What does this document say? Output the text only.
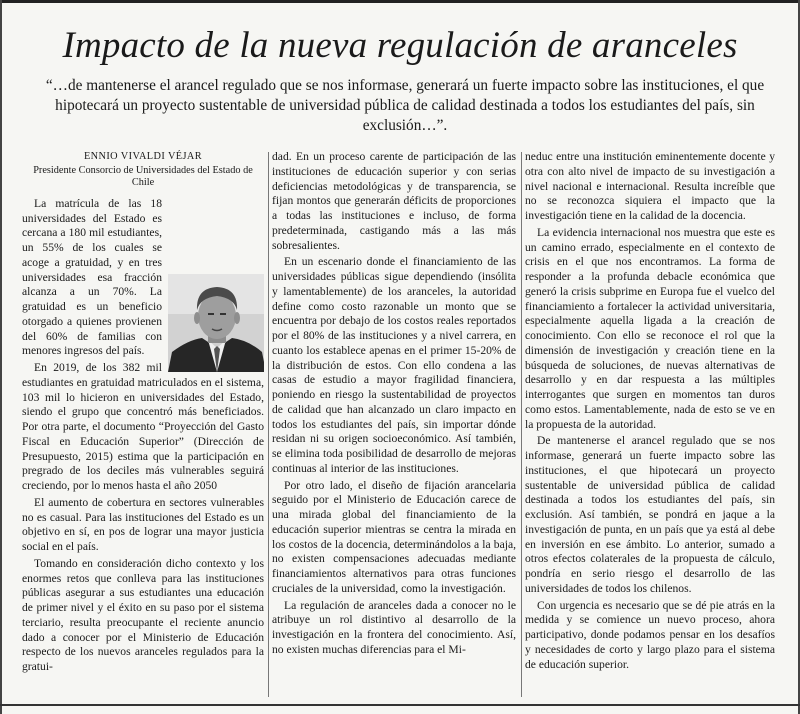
Impacto de la nueva regulación de aranceles

“…de mantenerse el arancel regulado que se nos informase, generará un fuerte impacto sobre las instituciones, el que hipotecará un proyecto sustentable de universidad pública de calidad destinada a todos los estudiantes del país, sin exclusión…”.

ENNIO VIVALDI VÉJAR
Presidente Consorcio de Universidades del Estado de Chile

La matrícula de las 18 universidades del Estado es cercana a 180 mil estudiantes, un 55% de los cuales se acoge a gratuidad, y en tres universidades esa fracción alcanza a un 70%. La gratuidad es un beneficio otorgado a quienes provienen del 60% de familias con menores ingresos del país.

En 2019, de los 382 mil estudiantes en gratuidad matriculados en el sistema, 103 mil lo hicieron en universidades del Estado, siendo el grupo que concentró más beneficiados. Por otra parte, el documento “Proyección del Gasto Fiscal en Educación Superior” (Dirección de Presupuesto, 2015) estima que la participación en pregrado de los deciles más vulnerables seguirá creciendo, por lo menos hasta el año 2050

El aumento de cobertura en sectores vulnerables no es casual. Para las instituciones del Estado es un objetivo en sí, en pos de lograr una mayor justicia social en el país.

Tomando en consideración dicho contexto y los enormes retos que conlleva para las instituciones públicas asegurar a sus estudiantes una educación de primer nivel y el éxito en su paso por el sistema terciario, resulta preocupante el reciente anuncio dado a conocer por el Ministerio de Educación respecto de los nuevos aranceles regulados para la gratui-

dad. En un proceso carente de participación de las instituciones de educación superior y con serias deficiencias metodológicas y de transparencia, se fijan montos que generarán déficits de proporciones a todas las instituciones e incluso, de forma predeterminada, castigando más a las más sobresalientes.

En un escenario donde el financiamiento de las universidades públicas sigue dependiendo (insólita y lamentablemente) de los aranceles, la autoridad define como costo razonable un monto que se encuentra por debajo de los costos reales reportados por el 80% de las instituciones y a nivel carrera, en cuanto los establece apenas en el primer 15-20% de la distribución de estos. Con ello condena a las casas de estudio a mayor fragilidad financiera, poniendo en riesgo la sustentabilidad de proyectos de calidad que han alcanzado un claro impacto en todos los estudiantes del país, sin importar dónde residan ni su origen socioeconómico. Así también, se elimina toda posibilidad de desarrollo de mejoras continuas al interior de las instituciones.

Por otro lado, el diseño de fijación arancelaria seguido por el Ministerio de Educación carece de una mirada global del financiamiento de la educación superior mientras se centra la mirada en los costos de la docencia, determinándolos a la baja, no existen compensaciones adecuadas mediante financiamientos alternativos para otras funciones cruciales de la universidad, como la investigación.

La regulación de aranceles dada a conocer no le atribuye un rol distintivo al desarrollo de la investigación en la frontera del conocimiento. Así, no existen muchas diferencias para el Mi-

neduc entre una institución eminentemente docente y otra con alto nivel de impacto de su investigación a nivel nacional e internacional. Resulta increíble que no se reconozca siquiera el impacto que la investigación tiene en la calidad de la docencia.

La evidencia internacional nos muestra que este es un camino errado, especialmente en el contexto de crisis en el que nos encontramos. La forma de responder a la profunda debacle económica que generó la crisis subprime en Europa fue el vuelco del financiamiento a fortalecer la actividad universitaria, especialmente aquella ligada a la creación de conocimiento. Con ello se reconoce el rol que la dimensión de investigación y creación tiene en la búsqueda de soluciones, de nuevas alternativas de desarrollo y en dar respuesta a las múltiples interrogantes que surgen en momentos tan duros como estos. Lamentablemente, nada de esto se ve en la propuesta de la autoridad.

De mantenerse el arancel regulado que se nos informase, generará un fuerte impacto sobre las instituciones, el que hipotecará un proyecto sustentable de universidad pública de calidad destinada a todos los estudiantes del país, sin exclusión. Así también, se pondrá en jaque a la investigación de punta, en un país que ya está al debe en inversión en ese ámbito. Lo anterior, sumado a otros efectos colaterales de la propuesta de cálculo, pondría en serio riesgo el desarrollo de las universidades de todos los chilenos.

Con urgencia es necesario que se dé pie atrás en la medida y se comience un nuevo proceso, ahora participativo, donde podamos pensar en los desafíos y necesidades de corto y largo plazo para el sistema de educación superior.
